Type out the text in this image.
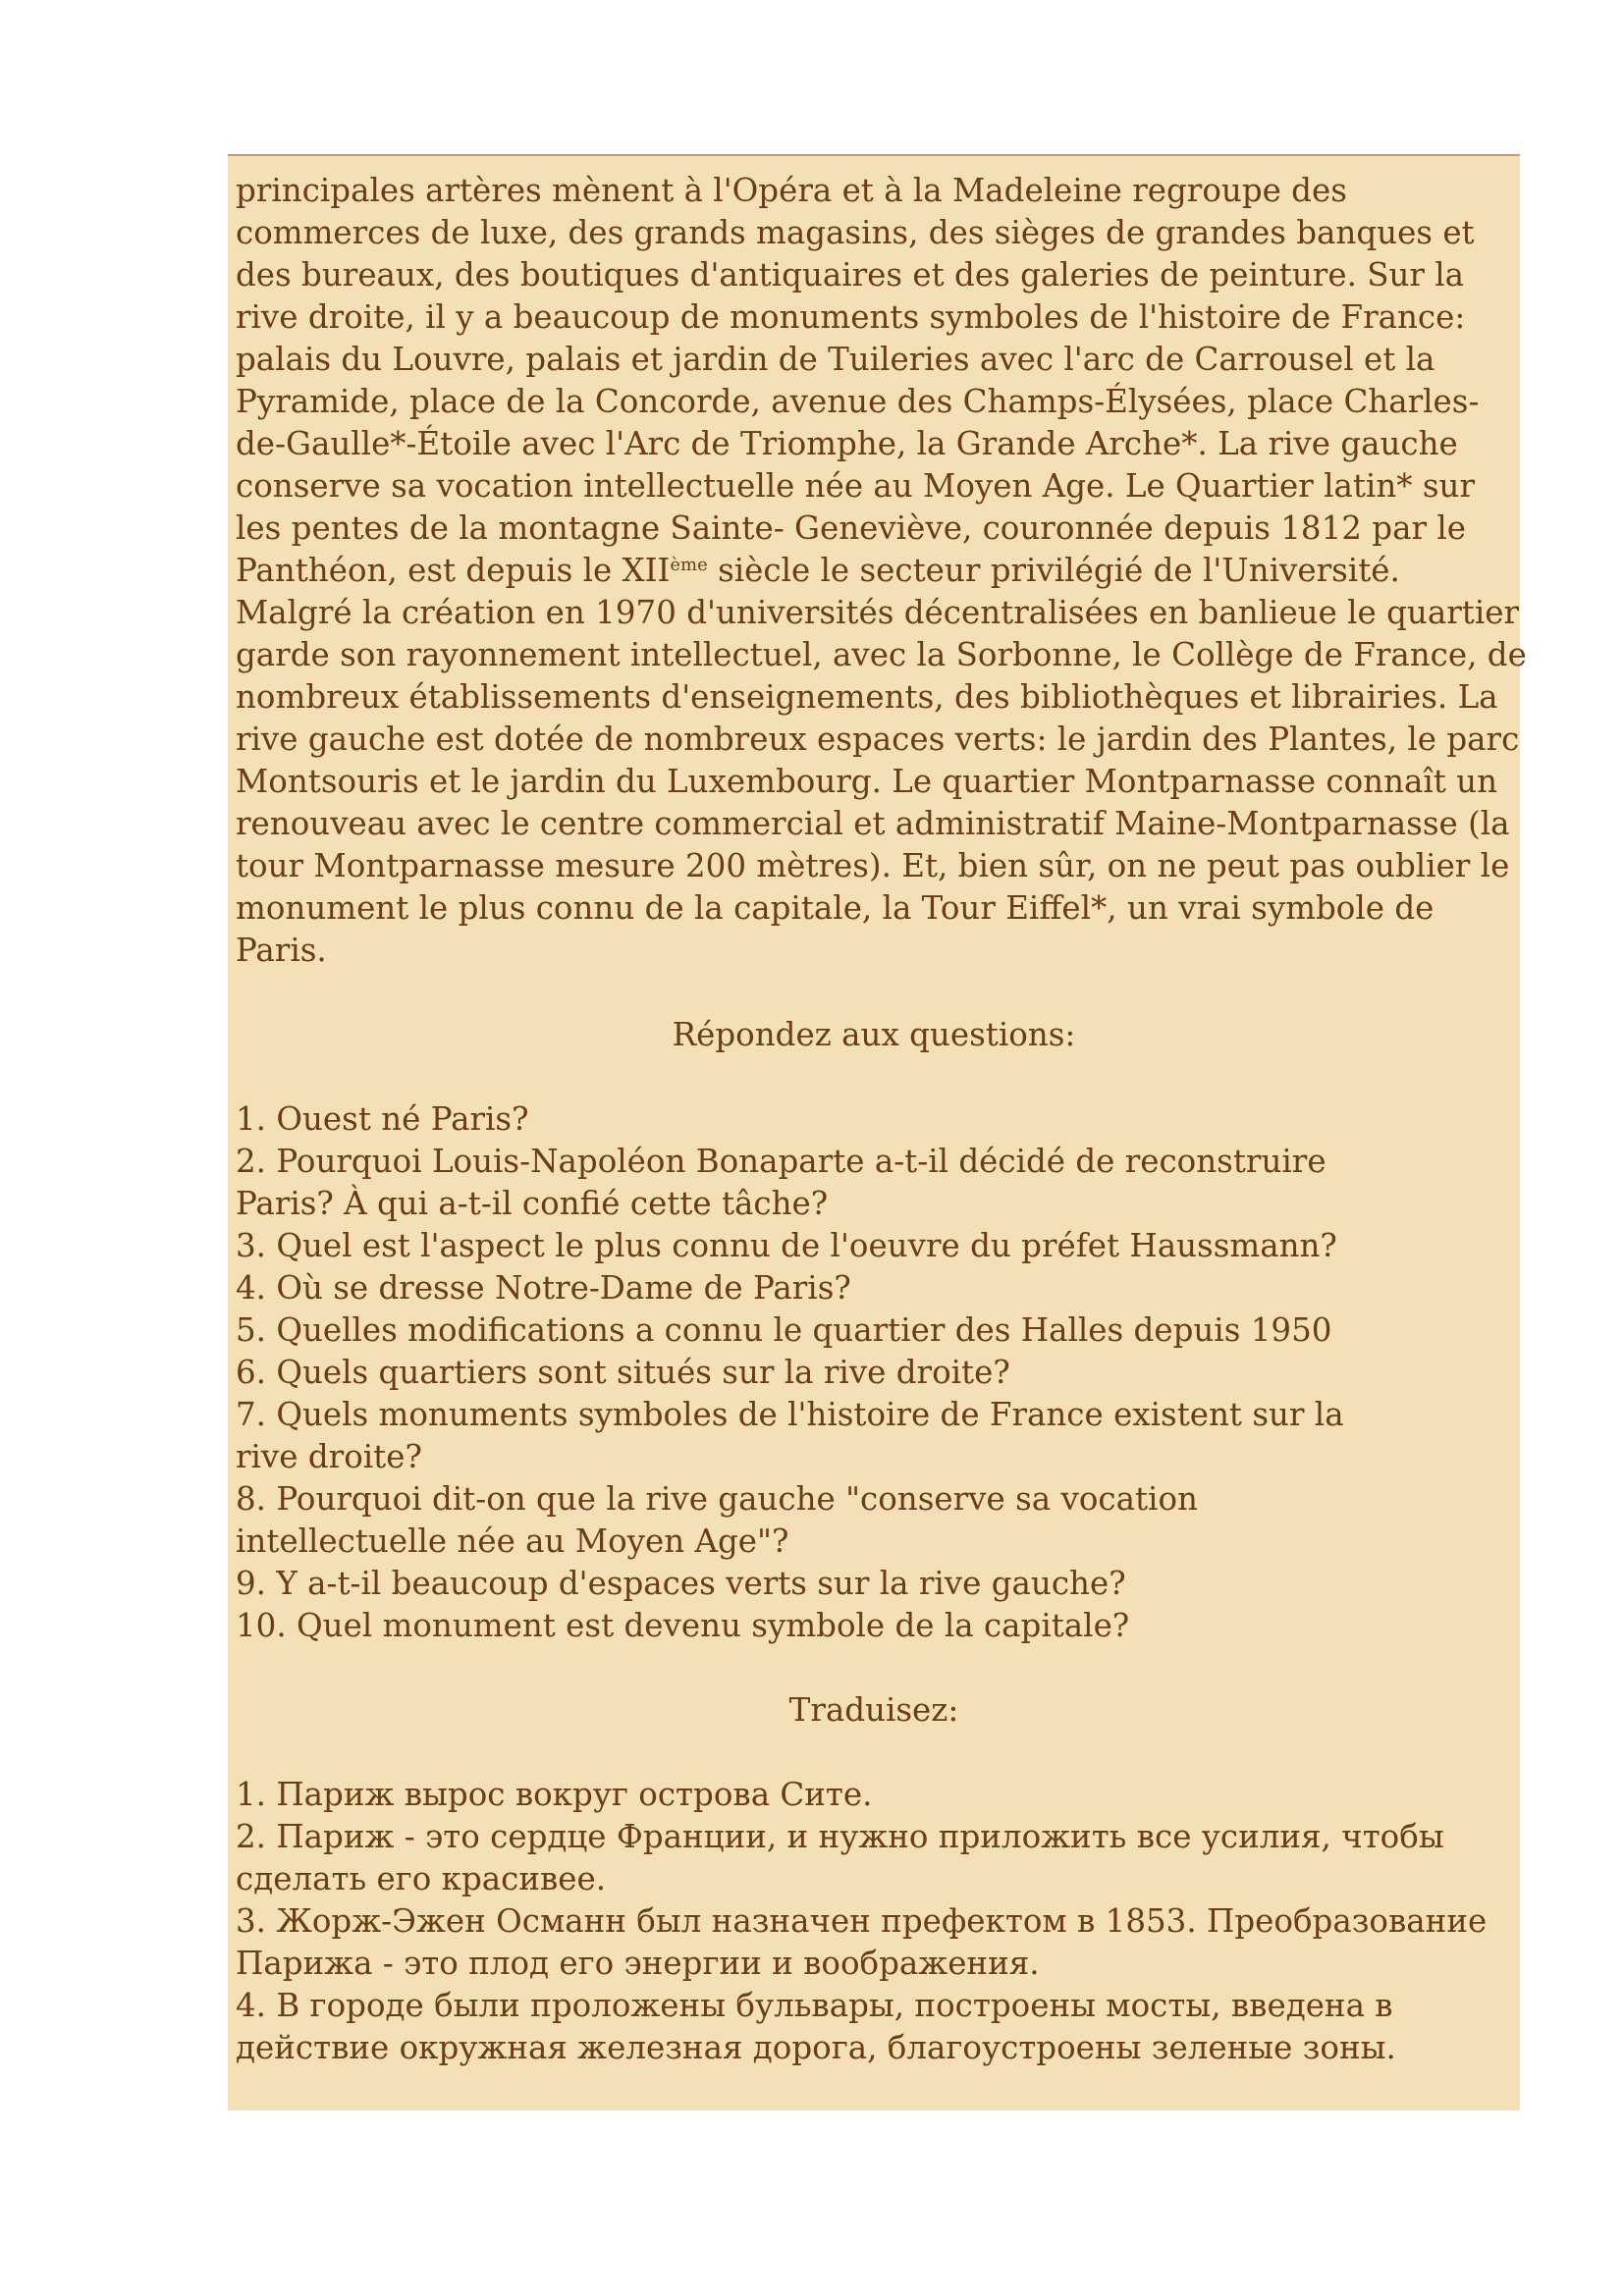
principales artères mènent à l'Opéra et à la Madeleine regroupe des
commerces de luxe, des grands magasins, des sièges de grandes banques et
des bureaux, des boutiques d'antiquaires et des galeries de peinture. Sur la
rive droite, il y a beaucoup de monuments symboles de l'histoire de France:
palais du Louvre, palais et jardin de Tuileries avec l'arc de Carrousel et la
Pyramide, place de la Concorde, avenue des Champs-Élysées, place Charles-
de-Gaulle*-Étoile avec l'Arc de Triomphe, la Grande Arche*. La rive gauche
conserve sa vocation intellectuelle née au Moyen Age. Le Quartier latin* sur
les pentes de la montagne Sainte- Geneviève, couronnée depuis 1812 par le
Panthéon, est depuis le XIIème siècle le secteur privilégié de l'Université.
Malgré la création en 1970 d'universités décentralisées en banlieue le quartier
garde son rayonnement intellectuel, avec la Sorbonne, le Collège de France, de
nombreux établissements d'enseignements, des bibliothèques et librairies. La
rive gauche est dotée de nombreux espaces verts: le jardin des Plantes, le parc
Montsouris et le jardin du Luxembourg. Le quartier Montparnasse connaît un
renouveau avec le centre commercial et administratif Maine-Montparnasse (la
tour Montparnasse mesure 200 mètres). Et, bien sûr, on ne peut pas oublier le
monument le plus connu de la capitale, la Tour Eiffel*, un vrai symbole de
Paris.
Répondez aux questions:
1. Ouest né Paris?
2. Pourquoi Louis-Napoléon Bonaparte a-t-il décidé de reconstruire
Paris? À qui a-t-il confié cette tâche?
3. Quel est l'aspect le plus connu de l'oeuvre du préfet Haussmann?
4. Où se dresse Notre-Dame de Paris?
5. Quelles modifications a connu le quartier des Halles depuis 1950
6. Quels quartiers sont situés sur la rive droite?
7. Quels monuments symboles de l'histoire de France existent sur la
rive droite?
8. Pourquoi dit-on que la rive gauche "conserve sa vocation
intellectuelle née au Moyen Age"?
9. Y a-t-il beaucoup d'espaces verts sur la rive gauche?
10. Quel monument est devenu symbole de la capitale?
Traduisez:
1. Париж вырос вокруг острова Сите.
2. Париж - это сердце Франции, и нужно приложить все усилия, чтобы
сделать его красивее.
3. Жорж-Эжен Османн был назначен префектом в 1853. Преобразование
Парижа - это плод его энергии и воображения.
4. В городе были проложены бульвары, построены мосты, введена в
действие окружная железная дорога, благоустроены зеленые зоны.
